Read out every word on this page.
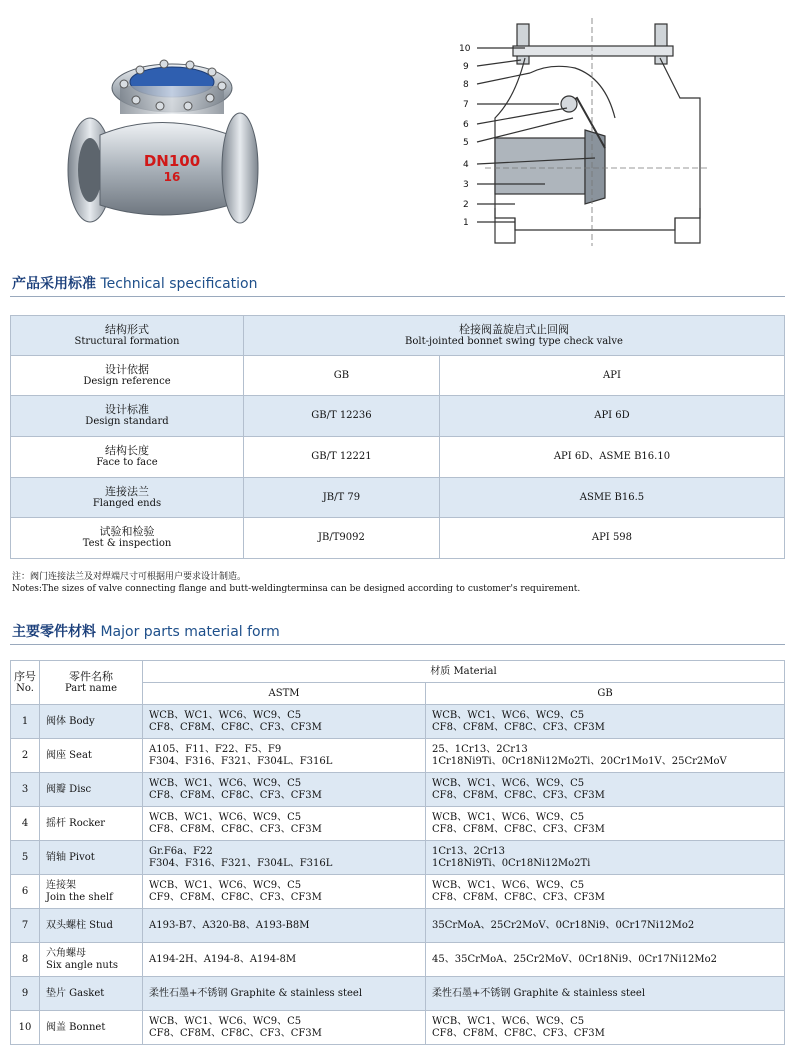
DN100
16
10
9
8
7
6
5
4
3
2
1
产品采用标准 Technical specification
结构形式
Structural formation	栓接阀盖旋启式止回阀
Bolt-jointed bonnet swing type check valve	

设计依据
Design reference	GB	API

设计标准
Design standard	GB/T 12236	API 6D

结构长度
Face to face	GB/T 12221	API 6D、ASME B16.10

连接法兰
Flanged ends	JB/T 79	ASME B16.5

试验和检验
Test & inspection	JB/T9092	API 598
注：阀门连接法兰及对焊端尺寸可根据用户要求设计制造。
Notes:The sizes of valve connecting flange and butt-weldingterminsa can be designed according to customer's requirement.
主要零件材料 Major parts material form
序号
No.	零件名称
Part name	材质 Material	
		ASTM	GB
1	阀体 Body	WCB、WC1、WC6、WC9、C5
CF8、CF8M、CF8C、CF3、CF3M	WCB、WC1、WC6、WC9、C5
CF8、CF8M、CF8C、CF3、CF3M

2	阀座 Seat	A105、F11、F22、F5、F9
F304、F316、F321、F304L、F316L	25、1Cr13、2Cr13
1Cr18Ni9Ti、0Cr18Ni12Mo2Ti、20Cr1Mo1V、25Cr2MoV

3	阀瓣 Disc	WCB、WC1、WC6、WC9、C5
CF8、CF8M、CF8C、CF3、CF3M	WCB、WC1、WC6、WC9、C5
CF8、CF8M、CF8C、CF3、CF3M

4	摇杆 Rocker	WCB、WC1、WC6、WC9、C5
CF8、CF8M、CF8C、CF3、CF3M	WCB、WC1、WC6、WC9、C5
CF8、CF8M、CF8C、CF3、CF3M

5	销轴 Pivot	Gr.F6a、F22
F304、F316、F321、F304L、F316L	1Cr13、2Cr13
1Cr18Ni9Ti、0Cr18Ni12Mo2Ti

6	连接架
Join the shelf	WCB、WC1、WC6、WC9、C5
CF9、CF8M、CF8C、CF3、CF3M	WCB、WC1、WC6、WC9、C5
CF8、CF8M、CF8C、CF3、CF3M

7	双头螺柱 Stud	A193-B7、A320-B8、A193-B8M	35CrMoA、25Cr2MoV、0Cr18Ni9、0Cr17Ni12Mo2

8	六角螺母
Six angle nuts	A194-2H、A194-8、A194-8M	45、35CrMoA、25Cr2MoV、0Cr18Ni9、0Cr17Ni12Mo2

9	垫片 Gasket	柔性石墨+不锈钢 Graphite & stainless steel	柔性石墨+不锈钢 Graphite & stainless steel

10	阀盖 Bonnet	WCB、WC1、WC6、WC9、C5
CF8、CF8M、CF8C、CF3、CF3M	WCB、WC1、WC6、WC9、C5
CF8、CF8M、CF8C、CF3、CF3M
